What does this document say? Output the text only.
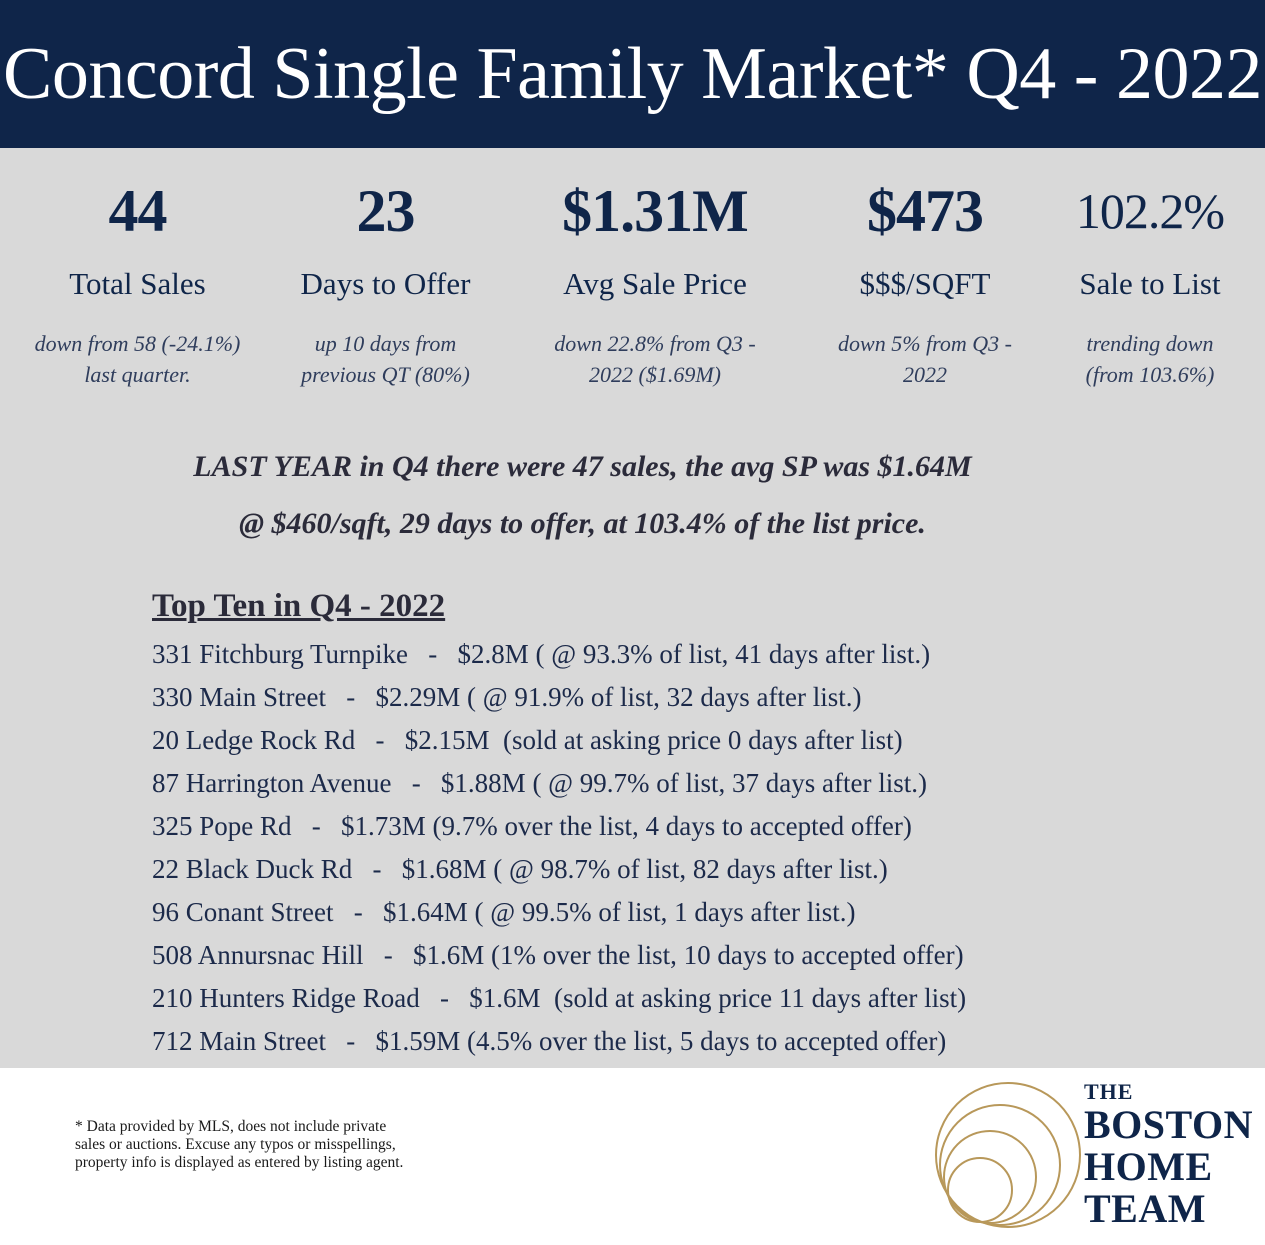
Concord Single Family Market* Q4 - 2022
44
Total Sales
down from 58 (-24.1%)
last quarter.
23
Days to Offer
up 10 days from
previous QT (80%)
$1.31M
Avg Sale Price
down 22.8% from Q3 -
2022 ($1.69M)
$473
$$$/SQFT
down 5% from Q3 -
2022
102.2%
Sale to List
trending down
(from 103.6%)
LAST YEAR in Q4 there were 47 sales, the avg SP was $1.64M
@ $460/sqft, 29 days to offer, at 103.4% of the list price.
Top Ten in Q4 - 2022
331 Fitchburg Turnpike   -   $2.8M ( @ 93.3% of list, 41 days after list.)
330 Main Street   -   $2.29M ( @ 91.9% of list, 32 days after list.)
20 Ledge Rock Rd   -   $2.15M  (sold at asking price 0 days after list)
87 Harrington Avenue   -   $1.88M ( @ 99.7% of list, 37 days after list.)
325 Pope Rd   -   $1.73M (9.7% over the list, 4 days to accepted offer)
22 Black Duck Rd   -   $1.68M ( @ 98.7% of list, 82 days after list.)
96 Conant Street   -   $1.64M ( @ 99.5% of list, 1 days after list.)
508 Annursnac Hill   -   $1.6M (1% over the list, 10 days to accepted offer)
210 Hunters Ridge Road   -   $1.6M  (sold at asking price 11 days after list)
712 Main Street   -   $1.59M (4.5% over the list, 5 days to accepted offer)
* Data provided by MLS, does not include private
sales or auctions. Excuse any typos or misspellings,
property info is displayed as entered by listing agent.
THE
BOSTON
HOME
TEAM
